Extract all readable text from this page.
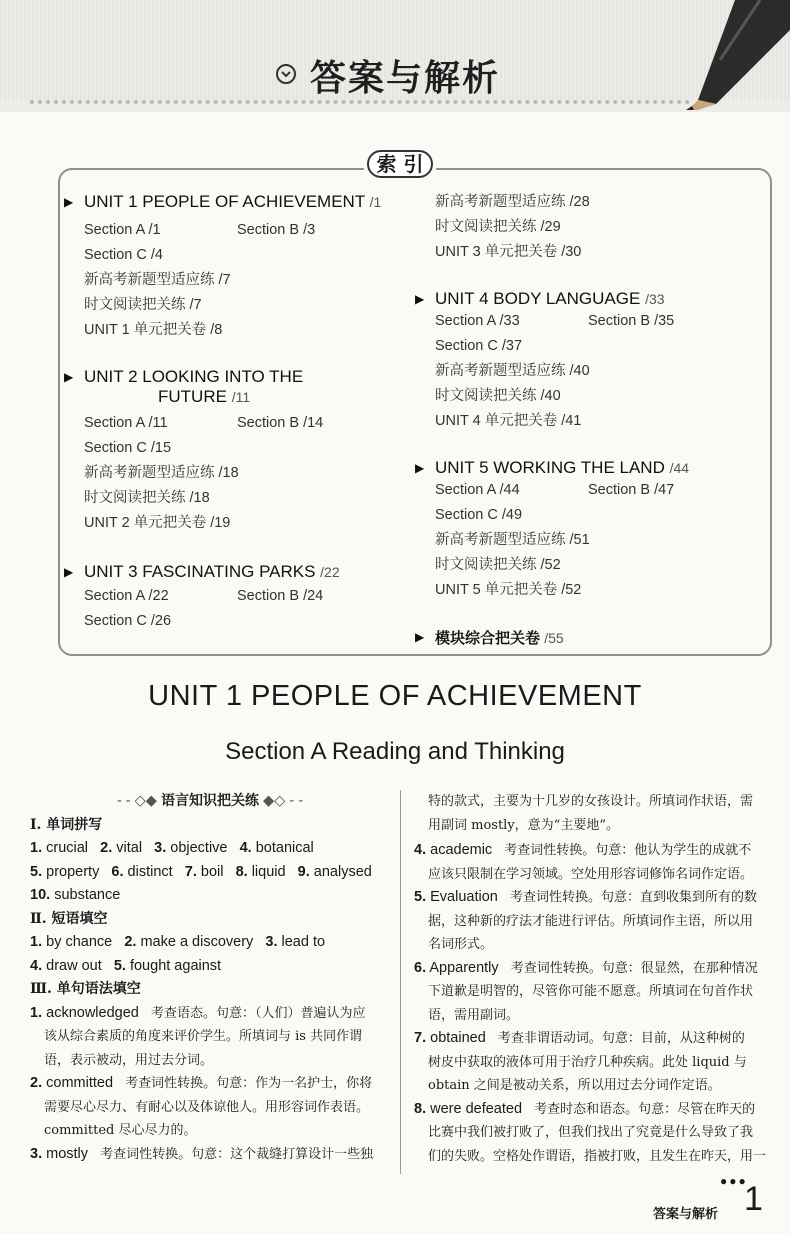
答案与解析
索 引
▶ UNIT 1 PEOPLE OF ACHIEVEMENT /1
Section A /1	Section B /3
Section C /4
新高考新题型适应练 /7
时文阅读把关练 /7
UNIT 1 单元把关卷 /8
▶ UNIT 2 LOOKING INTO THE
FUTURE /11
Section A /11	Section B /14
Section C /15
新高考新题型适应练 /18
时文阅读把关练 /18
UNIT 2 单元把关卷 /19
▶ UNIT 3 FASCINATING PARKS /22
Section A /22	Section B /24
Section C /26
新高考新题型适应练 /28
时文阅读把关练 /29
UNIT 3 单元把关卷 /30
▶ UNIT 4 BODY LANGUAGE /33
Section A /33	Section B /35
Section C /37
新高考新题型适应练 /40
时文阅读把关练 /40
UNIT 4 单元把关卷 /41
▶ UNIT 5 WORKING THE LAND /44
Section A /44	Section B /47
Section C /49
新高考新题型适应练 /51
时文阅读把关练 /52
UNIT 5 单元把关卷 /52
▶ 模块综合把关卷 /55
UNIT 1 PEOPLE OF ACHIEVEMENT
Section A Reading and Thinking

- - ◇◆ 语言知识把关练 ◆◇ - -

Ⅰ. 单词拼写

1. crucial 2. vital 3. objective 4. botanical

5. property 6. distinct 7. boil 8. liquid 9. analysed

10. substance

Ⅱ. 短语填空

1. by chance 2. make a discovery 3. lead to

4. draw out 5. fought against

Ⅲ. 单句语法填空

1. acknowledged 考查语态。句意：（人们）普遍认为应

该从综合素质的角度来评价学生。所填词与 is 共同作谓

语，表示被动，用过去分词。

2. committed 考查词性转换。句意：作为一名护士，你将

需要尽心尽力、有耐心以及体谅他人。用形容词作表语。

committed 尽心尽力的。

3. mostly 考查词性转换。句意：这个裁缝打算设计一些独

特的款式，主要为十几岁的女孩设计。所填词作状语，需

用副词 mostly，意为“主要地”。

4. academic 考查词性转换。句意：他认为学生的成就不

应该只限制在学习领域。空处用形容词修饰名词作定语。

5. Evaluation 考查词性转换。句意：直到收集到所有的数

据，这种新的疗法才能进行评估。所填词作主语，所以用

名词形式。

6. Apparently 考查词性转换。句意：很显然，在那种情况

下道歉是明智的，尽管你可能不愿意。所填词在句首作状

语，需用副词。

7. obtained 考查非谓语动词。句意：目前，从这种树的

树皮中获取的液体可用于治疗几种疾病。此处 liquid 与

obtain 之间是被动关系，所以用过去分词作定语。

8. were defeated 考查时态和语态。句意：尽管在昨天的

比赛中我们被打败了，但我们找出了究竟是什么导致了我

们的失败。空格处作谓语，指被打败，且发生在昨天，用一

●●●
答案与解析 1
